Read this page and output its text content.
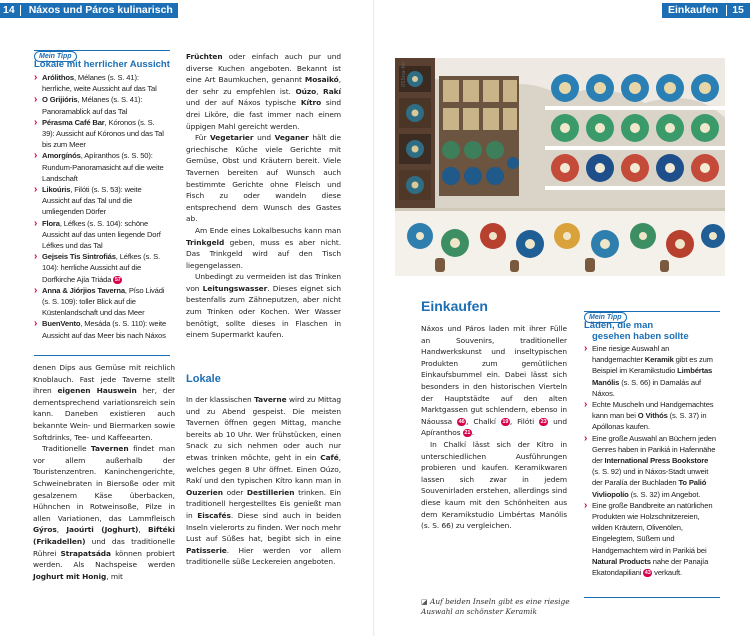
14 Náxos und Páros kulinarisch
Mein Tipp
Lokale mit herrlicher Aussicht
› Arólithos, Mélanes (s. S. 41): herrliche, weite Aussicht auf das Tal
› O Grijióris, Mélanes (s. S. 41): Panoramablick auf das Tal
› Pérasma Café Bar, Kóronos (s. S. 39): Aussicht auf Kóronos und das Tal bis zum Meer
› Amorgínós, Apíranthos (s. S. 50): Rundum-Panoramasicht auf die weite Landschaft
› Likoúris, Filóti (s. S. 53): weite Aussicht auf das Tal und die umliegenden Dörfer
› Flora, Léfkes (s. S. 104): schöne Aussicht auf das unten liegende Dorf Léfkes und das Tal
› Gejseis Tis Sintrofiás, Léfkes (s. S. 104): herrliche Aussicht auf die Dorfkirche Ajía Triáda 57
› Anna & Jiórjios Taverna, Píso Livádi (s. S. 109): toller Blick auf die Küstenlandschaft und das Meer
› BuenVento, Mesáda (s. S. 110): weite Aussicht auf das Meer bis nach Náxos

Früchten oder einfach auch pur und diverse Kuchen angeboten. Bekannt ist eine Art Baumkuchen, genannt Mosaikó, der sehr zu empfehlen ist. Oúzo, Rakí und der auf Náxos typische Kítro sind drei Liköre, die fast immer nach einem üppigen Mahl gereicht werden.

Für Vegetarier und Veganer hält die griechische Küche viele Gerichte mit Gemüse, Obst und Kräutern bereit. Viele Tavernen bereiten auf Wunsch auch bestimmte Gerichte ohne Fleisch und Fisch zu oder wandeln diese entsprechend dem Wunsch des Gastes ab.

Am Ende eines Lokalbesuchs kann man Trinkgeld geben, muss es aber nicht. Das Trinkgeld wird auf den Tisch liegengelassen.

Unbedingt zu vermeiden ist das Trinken von Leitungswasser. Dieses eignet sich bestenfalls zum Zähneputzen, aber nicht zum Trinken oder Kochen. Wer Wasser benötigt, sollte dieses in Flaschen in einem Supermarkt kaufen.

Lokale

In der klassischen Taverne wird zu Mittag und zu Abend gespeist. Die meisten Tavernen öffnen gegen Mittag, manche bereits ab 10 Uhr. Wer frühstücken, einen Snack zu sich nehmen oder auch nur etwas trinken möchte, geht in ein Café, welches gegen 8 Uhr öffnet. Einen Oúzo, Rakí und den typischen Kítro kann man in Ouzerien oder Destillerien trinken. Ein traditionell hergestelltes Eis genießt man in Eiscafés. Diese sind auch in beiden Inseln vielerorts zu finden. Wer noch mehr Lust auf Süßes hat, begibt sich in eine Patisserie. Hier werden vor allem traditionelle süße Leckereien angeboten.

denen Dips aus Gemüse mit reichlich Knoblauch. Fast jede Taverne stellt ihren eigenen Hauswein her, der dementsprechend variationsreich sein kann. Daneben existieren auch bekannte Wein- und Biermarken sowie Softdrinks, Tee- und Kaffeearten.

Traditionelle Tavernen findet man vor allem außerhalb der Touristenzentren. Kaninchengerichte, Schweinebraten in Biersoße oder mit gesalzenem Käse überbacken, Hühnchen in Rotweinsoße, Pilze in allen Variationen, das Lammfleisch Gýros, Jaoúrti (Joghurt), Biftéki (Frikadellen) und das traditionelle Rührei Strapatsáda können probiert werden. Als Nachspeise werden Joghurt mit Honig, mit

Einkaufen 15
055na-fm
Einkaufen

Náxos und Páros laden mit ihrer Fülle an Souvenirs, traditioneller Handwerkskunst und inseltypischen Produkten zum gemütlichen Einkaufsbummel ein. Dabei lässt sich besonders in den historischen Vierteln der Hauptstädte auf den alten Marktgassen gut schlendern, ebenso in Náoussa 46 , Chalkí 19 , Filóti 23 und Apíranthos 21 .

In Chalkí lässt sich der Kítro in unterschiedlichen Ausführungen probieren und kaufen. Keramikwaren lassen sich zwar in jedem Souvenirladen erstehen, allerdings sind diese kaum mit den Schönheiten aus dem Keramikstudio Limbértas Manólis (s. S. 66) zu vergleichen.

◪ Auf beiden Inseln gibt es eine riesige Auswahl an schönster Keramik
Mein Tipp
Läden, die man
gesehen haben sollte
› Eine riesige Auswahl an handgemachter Keramik gibt es zum Beispiel im Keramikstudio Limbértas Manólis (s. S. 66) in Damalás auf Náxos.
› Echte Muscheln und Handgemachtes kann man bei O Vithós (s. S. 37) in Apóllonas kaufen.
› Eine große Auswahl an Büchern jeden Genres haben in Parikiá in Hafennähe der International Press Bookstore (s. S. 92) und in Náxos-Stadt unweit der Paralía der Buchladen To Palió Vivliopolío (s. S. 32) im Angebot.
› Eine große Bandbreite an natürlichen Produkten wie Holzschnitzereien, wilden Kräutern, Olivenölen, Eingelegtem, Süßem und Handgemachtem wird in Parikiá bei Natural Products nahe der Panajía Ekatondapiliani 43 verkauft.
